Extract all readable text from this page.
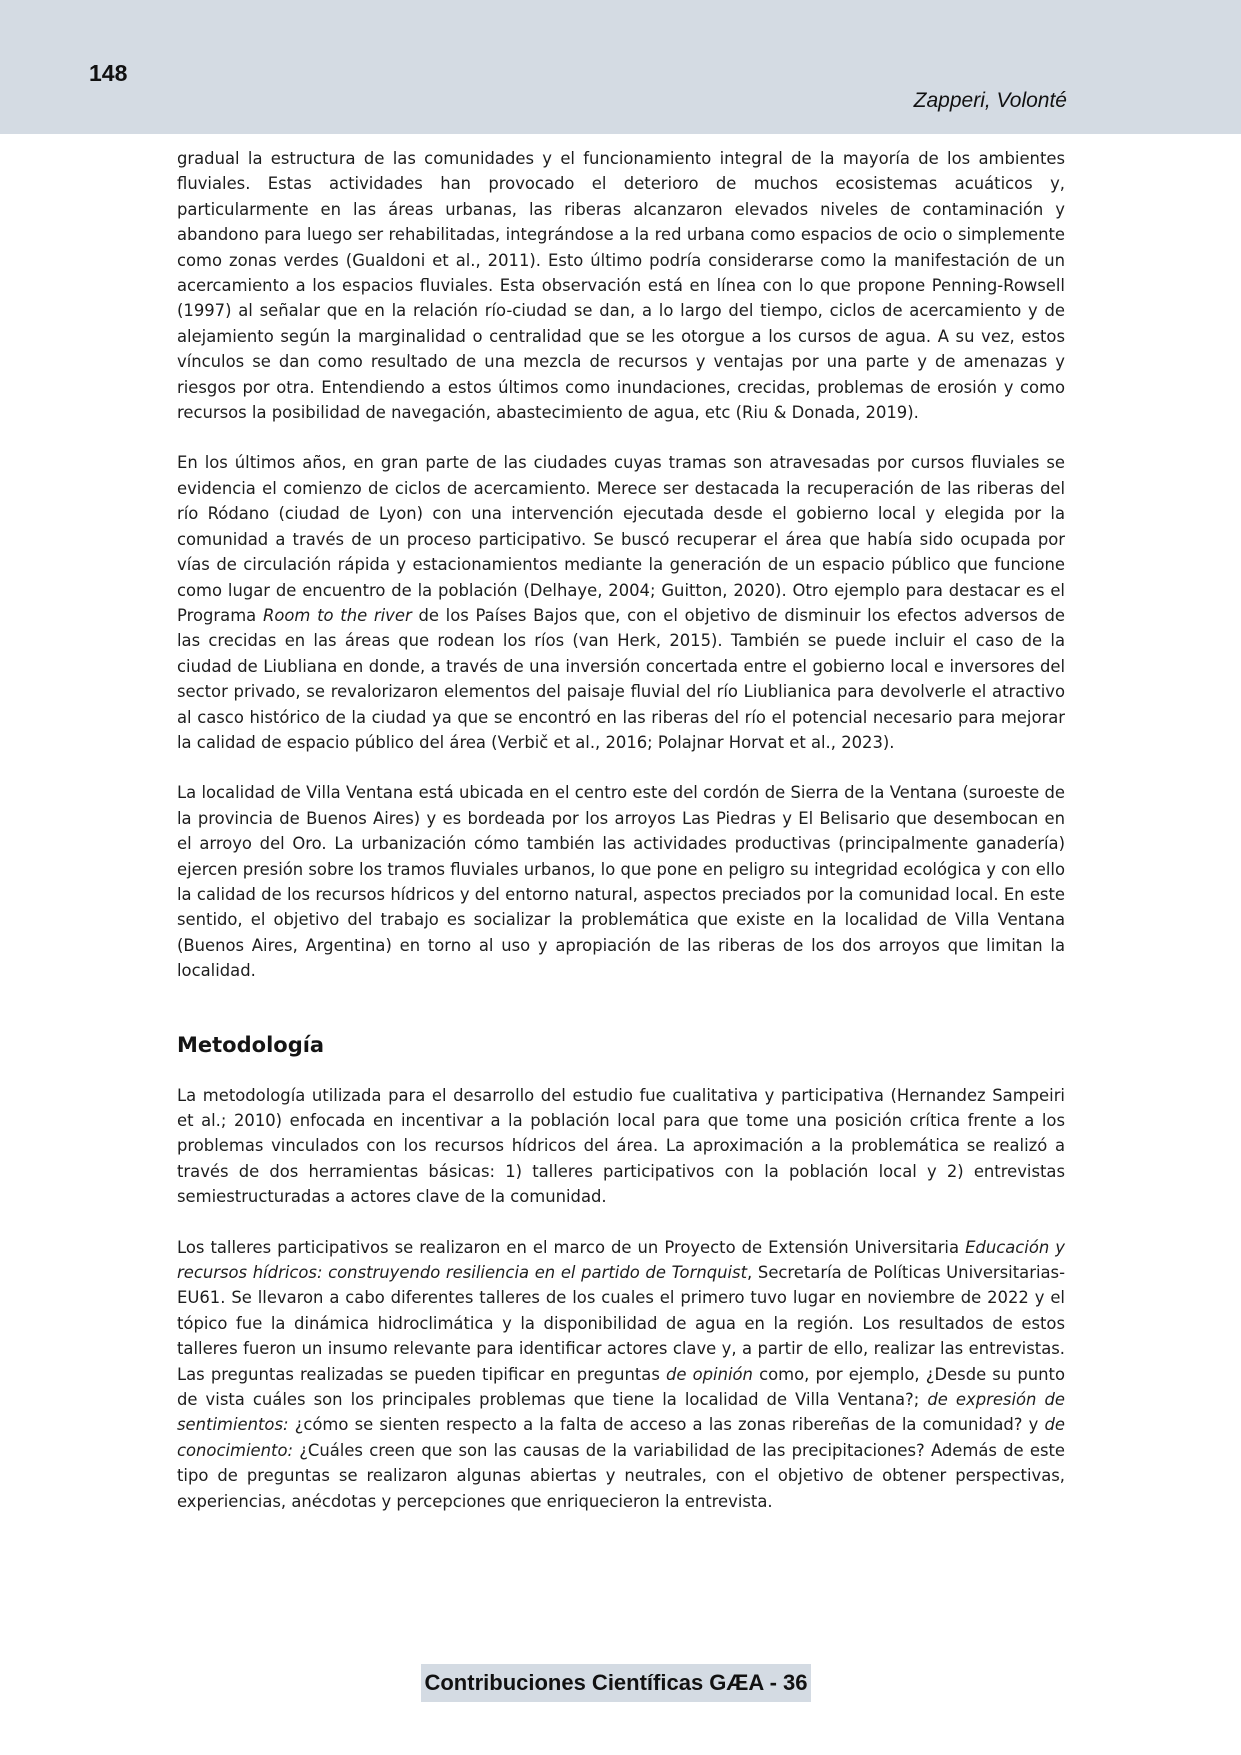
148
Zapperi, Volonté

gradual la estructura de las comunidades y el funcionamiento integral de la mayoría de los ambientes fluviales. Estas actividades han provocado el deterioro de muchos ecosistemas acuáticos y, particularmente en las áreas urbanas, las riberas alcanzaron elevados niveles de contaminación y abandono para luego ser rehabilitadas, integrándose a la red urbana como espacios de ocio o simplemente como zonas verdes (Gualdoni et al., 2011). Esto último podría considerarse como la manifestación de un acercamiento a los espacios fluviales. Esta observación está en línea con lo que propone Penning-Rowsell (1997) al señalar que en la relación río-ciudad se dan, a lo largo del tiempo, ciclos de acercamiento y de alejamiento según la marginalidad o centralidad que se les otorgue a los cursos de agua. A su vez, estos vínculos se dan como resultado de una mezcla de recursos y ventajas por una parte y de amenazas y riesgos por otra. Entendiendo a estos últimos como inundaciones, crecidas, problemas de erosión y como recursos la posibilidad de navegación, abastecimiento de agua, etc (Riu & Donada, 2019).

En los últimos años, en gran parte de las ciudades cuyas tramas son atravesadas por cursos fluviales se evidencia el comienzo de ciclos de acercamiento. Merece ser destacada la recuperación de las riberas del río Ródano (ciudad de Lyon) con una intervención ejecutada desde el gobierno local y elegida por la comunidad a través de un proceso participativo. Se buscó recuperar el área que había sido ocupada por vías de circulación rápida y estacionamientos mediante la generación de un espacio público que funcione como lugar de encuentro de la población (Delhaye, 2004; Guitton, 2020). Otro ejemplo para destacar es el Programa Room to the river de los Países Bajos que, con el objetivo de disminuir los efectos adversos de las crecidas en las áreas que rodean los ríos (van Herk, 2015). También se puede incluir el caso de la ciudad de Liubliana en donde, a través de una inversión concertada entre el gobierno local e inversores del sector privado, se revalorizaron elementos del paisaje fluvial del río Liublianica para devolverle el atractivo al casco histórico de la ciudad ya que se encontró en las riberas del río el potencial necesario para mejorar la calidad de espacio público del área (Verbič et al., 2016; Polajnar Horvat et al., 2023).

La localidad de Villa Ventana está ubicada en el centro este del cordón de Sierra de la Ventana (suroeste de la provincia de Buenos Aires) y es bordeada por los arroyos Las Piedras y El Belisario que desembocan en el arroyo del Oro. La urbanización cómo también las actividades productivas (principalmente ganadería) ejercen presión sobre los tramos fluviales urbanos, lo que pone en peligro su integridad ecológica y con ello la calidad de los recursos hídricos y del entorno natural, aspectos preciados por la comunidad local. En este sentido, el objetivo del trabajo es socializar la problemática que existe en la localidad de Villa Ventana (Buenos Aires, Argentina) en torno al uso y apropiación de las riberas de los dos arroyos que limitan la localidad.

Metodología

La metodología utilizada para el desarrollo del estudio fue cualitativa y participativa (Hernandez Sampeiri et al.; 2010) enfocada en incentivar a la población local para que tome una posición crítica frente a los problemas vinculados con los recursos hídricos del área. La aproximación a la problemática se realizó a través de dos herramientas básicas: 1) talleres participativos con la población local y 2) entrevistas semiestructuradas a actores clave de la comunidad.

Los talleres participativos se realizaron en el marco de un Proyecto de Extensión Universitaria Educación y recursos hídricos: construyendo resiliencia en el partido de Tornquist, Secretaría de Políticas Universitarias-EU61. Se llevaron a cabo diferentes talleres de los cuales el primero tuvo lugar en noviembre de 2022 y el tópico fue la dinámica hidroclimática y la disponibilidad de agua en la región. Los resultados de estos talleres fueron un insumo relevante para identificar actores clave y, a partir de ello, realizar las entrevistas. Las preguntas realizadas se pueden tipificar en preguntas de opinión como, por ejemplo, ¿Desde su punto de vista cuáles son los principales problemas que tiene la localidad de Villa Ventana?; de expresión de sentimientos: ¿cómo se sienten respecto a la falta de acceso a las zonas ribereñas de la comunidad? y de conocimiento: ¿Cuáles creen que son las causas de la variabilidad de las precipitaciones? Además de este tipo de preguntas se realizaron algunas abiertas y neutrales, con el objetivo de obtener perspectivas, experiencias, anécdotas y percepciones que enriquecieron la entrevista.

Contribuciones Científicas GÆA - 36
